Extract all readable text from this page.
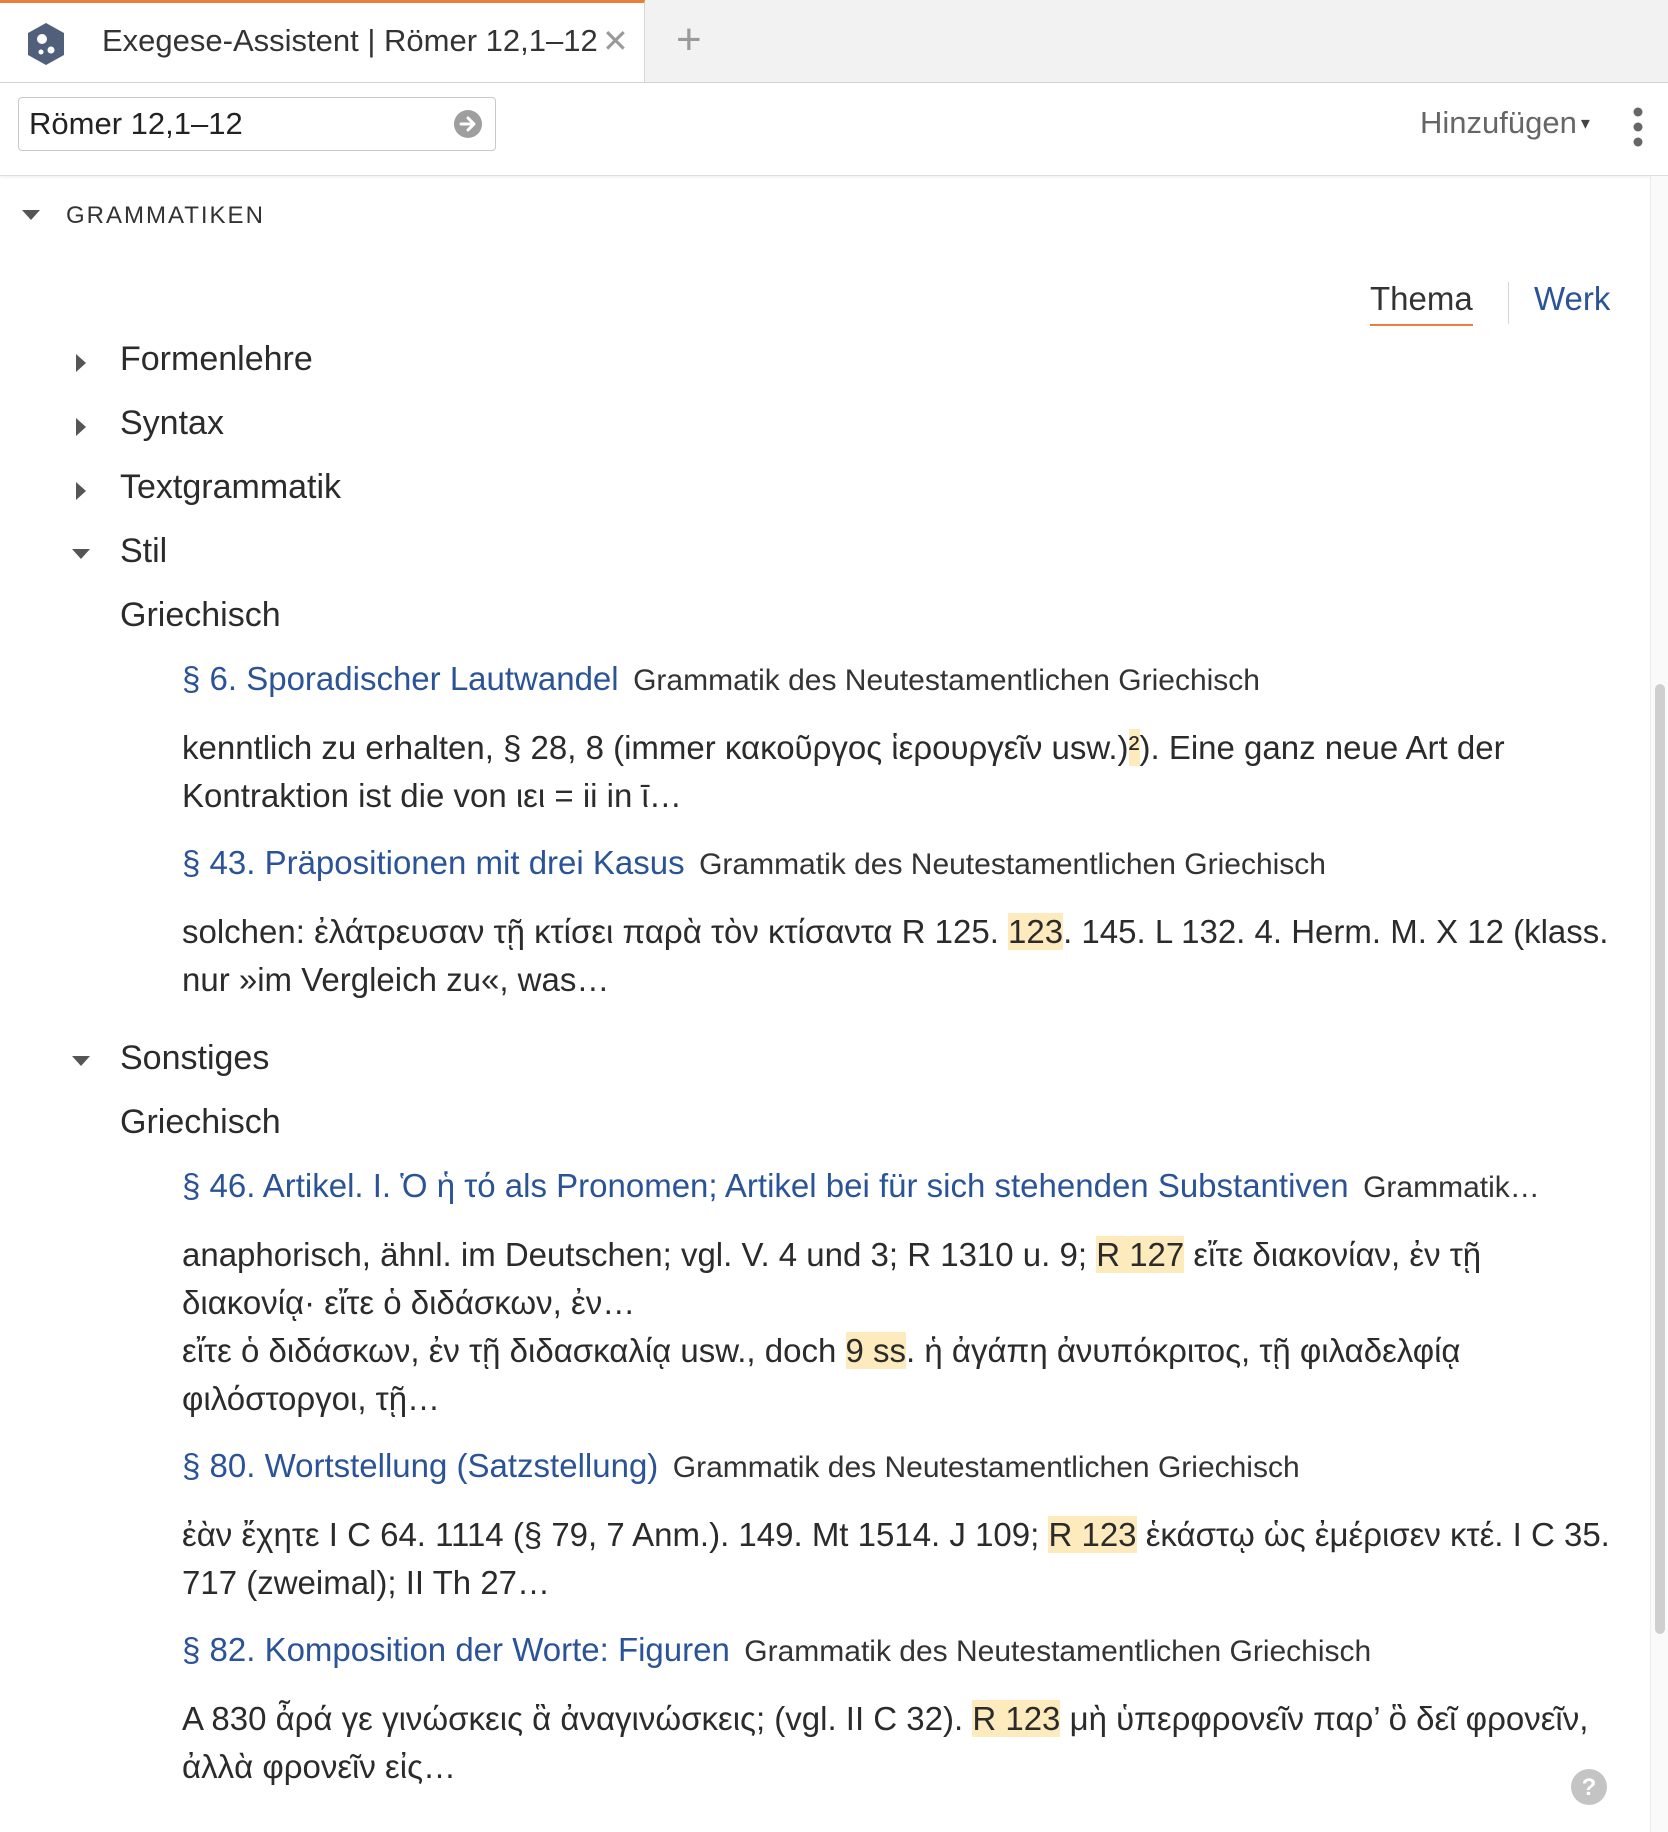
Exegese-Assistent | Römer 12,1–12 ✕ +
Römer 12,1–12
Hinzufügen ▾
GRAMMATIKEN
Thema Werk
Formenlehre
Syntax
Textgrammatik
Stil
Griechisch
§ 6. Sporadischer Lautwandel Grammatik des Neutestamentlichen Griechisch
kenntlich zu erhalten, § 28, 8 (immer κακοῦργος ἱερουργεῖν usw.)²). Eine ganz neue Art der Kontraktion ist die von ιει = ii in ῑ…
§ 43. Präpositionen mit drei Kasus Grammatik des Neutestamentlichen Griechisch
solchen: ἐλάτρευσαν τῇ κτίσει παρὰ τὸν κτίσαντα R 125. 123. 145. L 132. 4. Herm. M. X 12 (klass. nur »im Vergleich zu«, was…
Sonstiges
Griechisch
§ 46. Artikel. I. Ὁ ἡ τό als Pronomen; Artikel bei für sich stehenden Substantiven Grammatik…
anaphorisch, ähnl. im Deutschen; vgl. V. 4 und 3; R 1310 u. 9; R 127 εἴτε διακονίαν, ἐν τῇ διακονίᾳ· εἴτε ὁ διδάσκων, ἐν…
εἴτε ὁ διδάσκων, ἐν τῇ διδασκαλίᾳ usw., doch 9 ss. ἡ ἀγάπη ἀνυπόκριτος, τῇ φιλαδελφίᾳ φιλόστοργοι, τῇ…
§ 80. Wortstellung (Satzstellung) Grammatik des Neutestamentlichen Griechisch
ἐὰν ἔχητε I C 64. 1114 (§ 79, 7 Anm.). 149. Mt 1514. J 109; R 123 ἑκάστῳ ὡς ἐμέρισεν κτέ. I C 35. 717 (zweimal); II Th 27…
§ 82. Komposition der Worte: Figuren Grammatik des Neutestamentlichen Griechisch
A 830 ἆρά γε γινώσκεις ἃ ἀναγινώσκεις; (vgl. II C 32). R 123 μὴ ὑπερφρονεῖν παρ’ ὃ δεῖ φρονεῖν, ἀλλὰ φρονεῖν εἰς…
?
